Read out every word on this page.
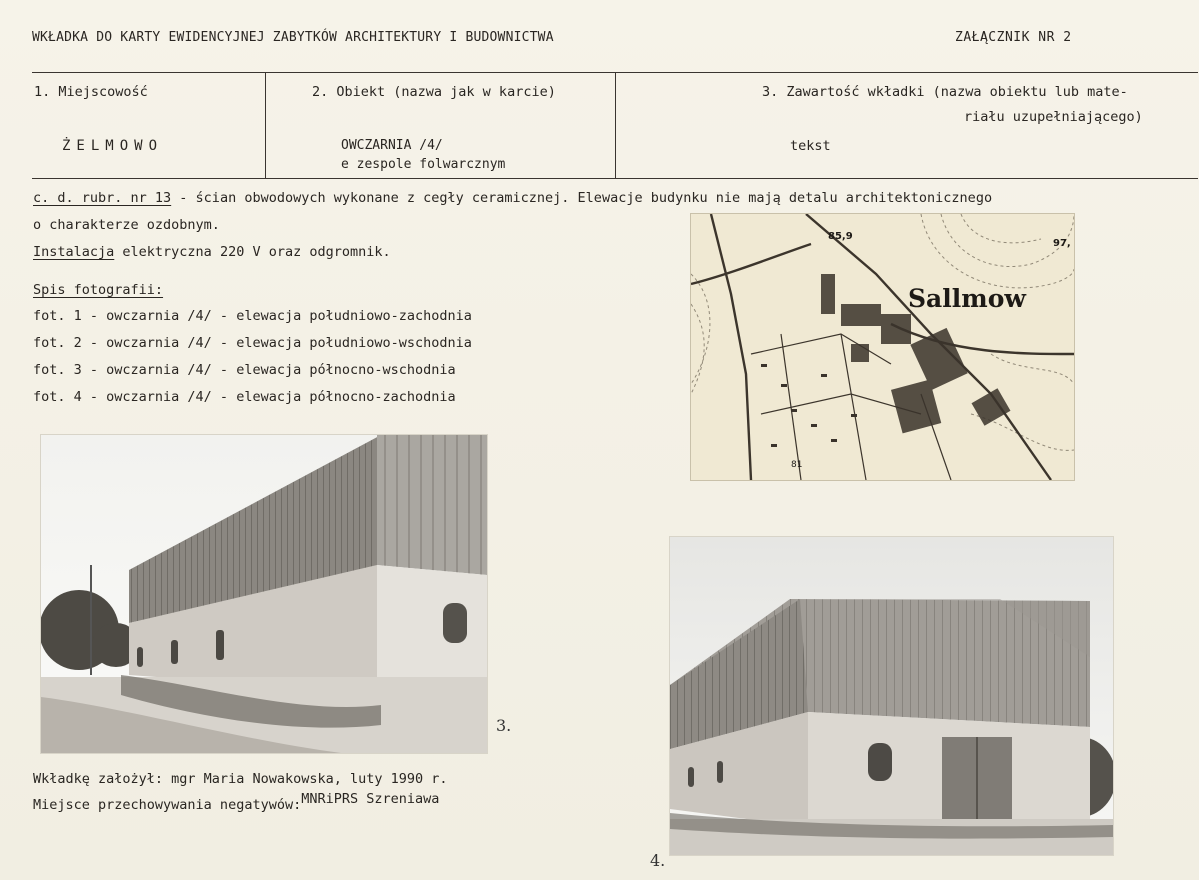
WKŁADKA DO KARTY EWIDENCYJNEJ ZABYTKÓW ARCHITEKTURY I BUDOWNICTWA	ZAŁĄCZNIK NR 2
1. Miejscowość
ŻELMOWO
2. Obiekt (nazwa jak w karcie)
OWCZARNIA /4/
e zespole folwarcznym
3. Zawartość wkładki (nazwa obiektu lub mate-
riału uzupełniającego)
tekst
c. d. rubr. nr 13 - ścian obwodowych wykonane z cegły ceramicznej. Elewacje budynku nie mają detalu architektonicznego
o charakterze ozdobnym.
Instalacja elektryczna 220 V oraz odgromnik.
Spis fotografii:
fot. 1 - owczarnia /4/ - elewacja południowo-zachodnia
fot. 2 - owczarnia /4/ - elewacja południowo-wschodnia
fot. 3 - owczarnia /4/ - elewacja północno-wschodnia
fot. 4 - owczarnia /4/ - elewacja północno-zachodnia
Sallmow
85,9
97,
81
3.
4.
Wkładkę założył: mgr Maria Nowakowska, luty 1990 r.
Miejsce przechowywania negatywów:MNRiPRS Szreniawa
